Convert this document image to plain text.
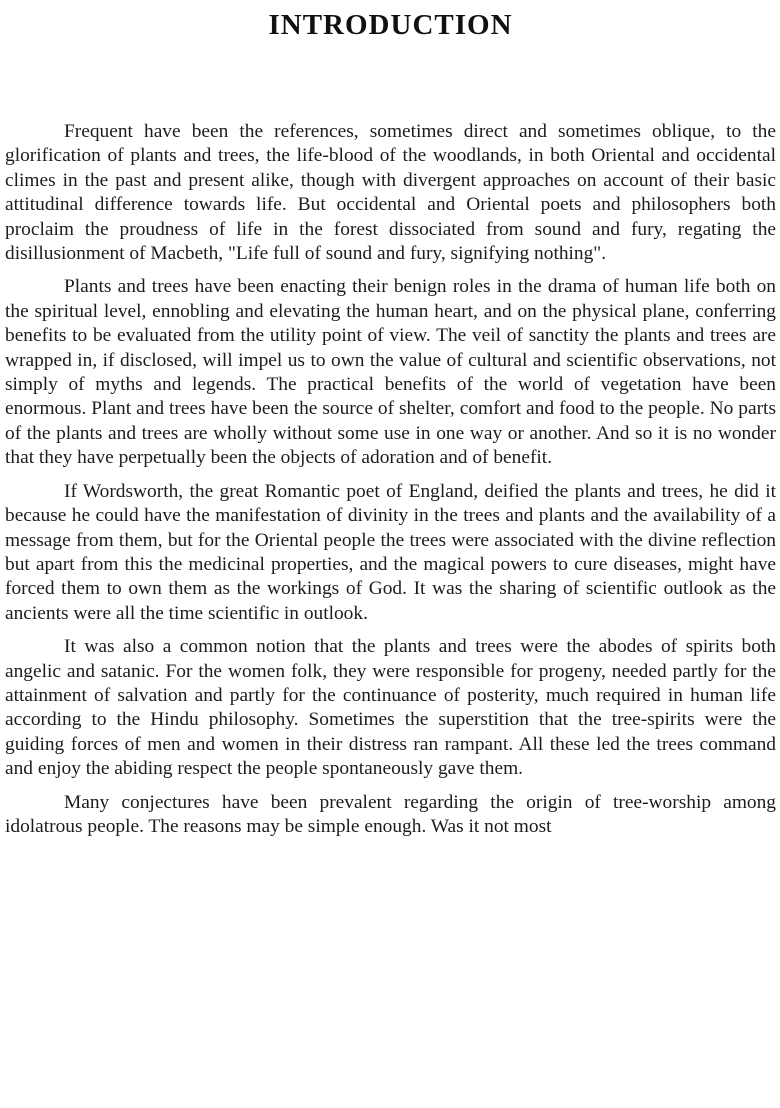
INTRODUCTION

Frequent have been the references, sometimes direct and sometimes oblique, to the glorification of plants and trees, the life-blood of the woodlands, in both Oriental and occidental climes in the past and present alike, though with divergent approaches on account of their basic attitudinal difference towards life. But occidental and Oriental poets and philosophers both proclaim the proudness of life in the forest dissociated from sound and fury, regating the disillusionment of Macbeth, "Life full of sound and fury, signifying nothing".

Plants and trees have been enacting their benign roles in the drama of human life both on the spiritual level, ennobling and elevating the human heart, and on the physical plane, conferring benefits to be evaluated from the utility point of view. The veil of sanctity the plants and trees are wrapped in, if disclosed, will impel us to own the value of cultural and scientific observations, not simply of myths and legends. The practical benefits of the world of vegetation have been enormous. Plant and trees have been the source of shelter, comfort and food to the people. No parts of the plants and trees are wholly without some use in one way or another. And so it is no wonder that they have perpetually been the objects of adoration and of benefit.

If Wordsworth, the great Romantic poet of England, deified the plants and trees, he did it because he could have the manifestation of divinity in the trees and plants and the availability of a message from them, but for the Oriental people the trees were associated with the divine reflection but apart from this the medicinal properties, and the magical powers to cure diseases, might have forced them to own them as the workings of God. It was the sharing of scientific outlook as the ancients were all the time scientific in outlook.

It was also a common notion that the plants and trees were the abodes of spirits both angelic and satanic. For the women folk, they were responsible for progeny, needed partly for the attainment of salvation and partly for the continuance of posterity, much required in human life according to the Hindu philosophy. Sometimes the superstition that the tree-spirits were the guiding forces of men and women in their distress ran rampant. All these led the trees command and enjoy the abiding respect the people spontaneously gave them.

Many conjectures have been prevalent regarding the origin of tree-worship among idolatrous people. The reasons may be simple enough. Was it not most
